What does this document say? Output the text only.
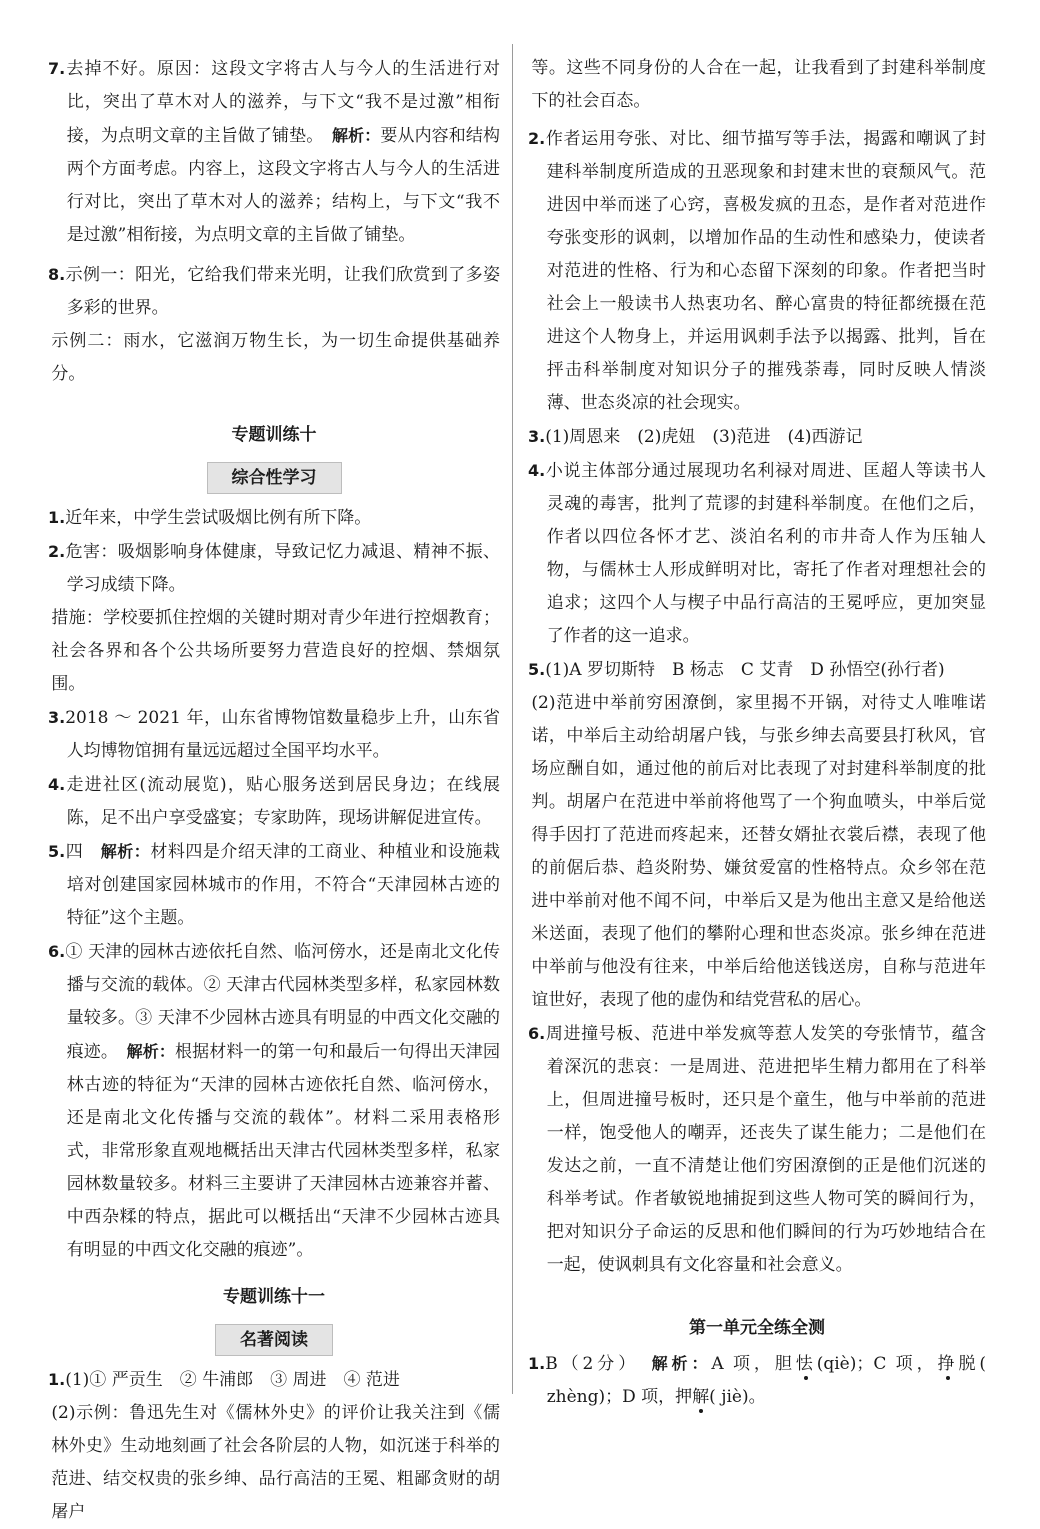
7.去掉不好。原因：这段文字将古人与今人的生活进行对比，突出了草木对人的滋养，与下文“我不是过激”相衔接，为点明文章的主旨做了铺垫。　 解析：要从内容和结构两个方面考虑。内容上，这段文字将古人与今人的生活进行对比，突出了草木对人的滋养；结构上，与下文“我不是过激”相衔接，为点明文章的主旨做了铺垫。

8.示例一：阳光，它给我们带来光明，让我们欣赏到了多姿多彩的世界。

示例二：雨水，它滋润万物生长，为一切生命提供基础养分。

专题训练十

综合性学习

1.近年来，中学生尝试吸烟比例有所下降。

2.危害：吸烟影响身体健康，导致记忆力减退、精神不振、学习成绩下降。

措施：学校要抓住控烟的关键时期对青少年进行控烟教育；社会各界和各个公共场所要努力营造良好的控烟、禁烟氛围。

3.2018 ～ 2021 年，山东省博物馆数量稳步上升，山东省人均博物馆拥有量远远超过全国平均水平。

4.走进社区(流动展览)，贴心服务送到居民身边；在线展陈，足不出户享受盛宴；专家助阵，现场讲解促进宣传。

5.四　 解析：材料四是介绍天津的工商业、种植业和设施栽培对创建国家园林城市的作用，不符合“天津园林古迹的特征”这个主题。

6.① 天津的园林古迹依托自然、临河傍水，还是南北文化传播与交流的载体。② 天津古代园林类型多样，私家园林数量较多。③ 天津不少园林古迹具有明显的中西文化交融的痕迹。　 解析：根据材料一的第一句和最后一句得出天津园林古迹的特征为“天津的园林古迹依托自然、临河傍水，还是南北文化传播与交流的载体”。材料二采用表格形式，非常形象直观地概括出天津古代园林类型多样，私家园林数量较多。材料三主要讲了天津园林古迹兼容并蓄、中西杂糅的特点，据此可以概括出“天津不少园林古迹具有明显的中西文化交融的痕迹”。

专题训练十一

名著阅读

1.(1)① 严贡生　② 牛浦郎　③ 周进　④ 范进

(2)示例：鲁迅先生对《儒林外史》的评价让我关注到《儒林外史》生动地刻画了社会各阶层的人物，如沉迷于科举的范进、结交权贵的张乡绅、品行高洁的王冕、粗鄙贪财的胡屠户

等。这些不同身份的人合在一起，让我看到了封建科举制度下的社会百态。

2.作者运用夸张、对比、细节描写等手法，揭露和嘲讽了封建科举制度所造成的丑恶现象和封建末世的衰颓风气。范进因中举而迷了心窍，喜极发疯的丑态，是作者对范进作夸张变形的讽刺，以增加作品的生动性和感染力，使读者对范进的性格、行为和心态留下深刻的印象。作者把当时社会上一般读书人热衷功名、醉心富贵的特征都统摄在范进这个人物身上，并运用讽刺手法予以揭露、批判，旨在抨击科举制度对知识分子的摧残荼毒，同时反映人情淡薄、世态炎凉的社会现实。

3.(1)周恩来　(2)虎妞　(3)范进　(4)西游记

4.小说主体部分通过展现功名利禄对周进、匡超人等读书人灵魂的毒害，批判了荒谬的封建科举制度。在他们之后，作者以四位各怀才艺、淡泊名利的市井奇人作为压轴人物，与儒林士人形成鲜明对比，寄托了作者对理想社会的追求；这四个人与楔子中品行高洁的王冕呼应，更加突显了作者的这一追求。

5.(1)A 罗切斯特　B 杨志　C 艾青　D 孙悟空(孙行者)

(2)范进中举前穷困潦倒，家里揭不开锅，对待丈人唯唯诺诺，中举后主动给胡屠户钱，与张乡绅去高要县打秋风，官场应酬自如，通过他的前后对比表现了对封建科举制度的批判。胡屠户在范进中举前将他骂了一个狗血喷头，中举后觉得手因打了范进而疼起来，还替女婿扯衣裳后襟，表现了他的前倨后恭、趋炎附势、嫌贫爱富的性格特点。众乡邻在范进中举前对他不闻不问，中举后又是为他出主意又是给他送米送面，表现了他们的攀附心理和世态炎凉。张乡绅在范进中举前与他没有往来，中举后给他送钱送房，自称与范进年谊世好，表现了他的虚伪和结党营私的居心。

6.周进撞号板、范进中举发疯等惹人发笑的夸张情节，蕴含着深沉的悲哀：一是周进、范进把毕生精力都用在了科举上，但周进撞号板时，还只是个童生，他与中举前的范进一样，饱受他人的嘲弄，还丧失了谋生能力；二是他们在发达之前，一直不清楚让他们穷困潦倒的正是他们沉迷的科举考试。作者敏锐地捕捉到这些人物可笑的瞬间行为，把对知识分子命运的反思和他们瞬间的行为巧妙地结合在一起，使讽刺具有文化容量和社会意义。

第一单元全练全测

1.B（2分）　 解析：A 项，胆怯(qiè)；C 项，挣脱( zhèng)；D 项，押解( jiè)。
